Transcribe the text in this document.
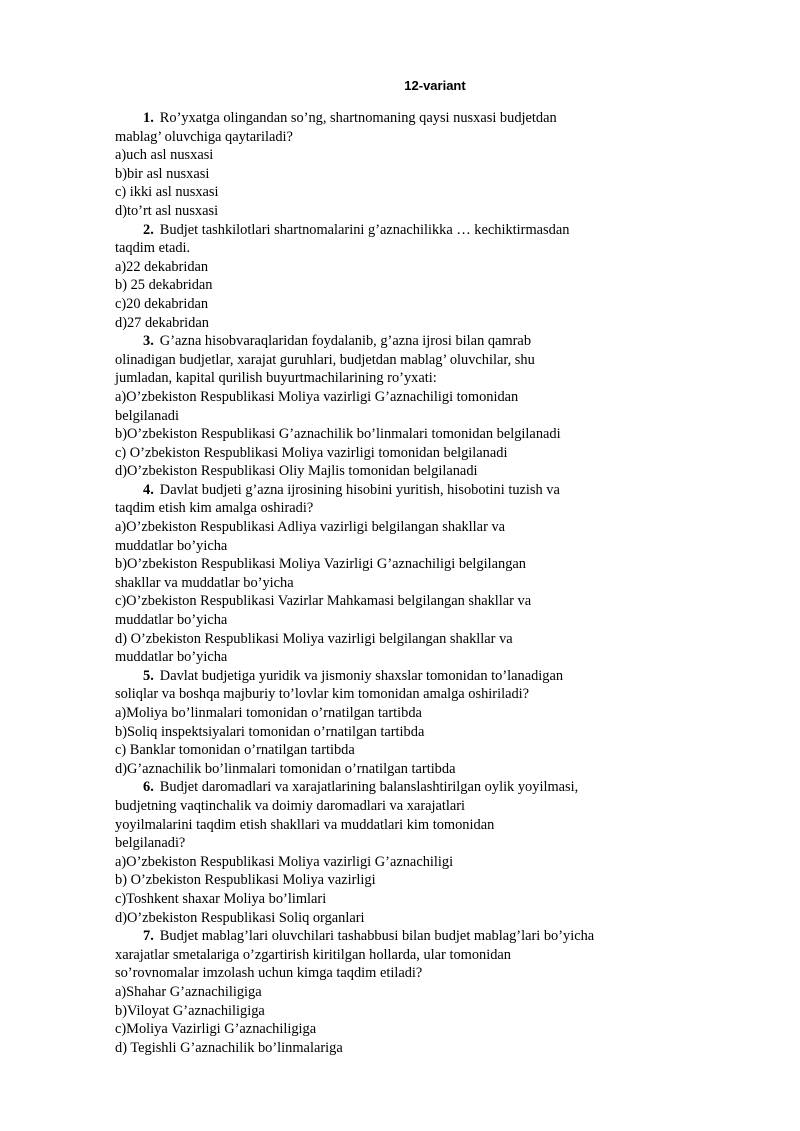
12-variant
1. Ro’yxatga olingandan so’ng, shartnomaning qaysi nusxasi budjetdan
mablag’ oluvchiga qaytariladi?
a)uch asl nusxasi
b)bir asl nusxasi
c) ikki asl nusxasi
d)to’rt asl nusxasi
2. Budjet tashkilotlari shartnomalarini g’aznachilikka … kechiktirmasdan
taqdim etadi.
a)22 dekabridan
b) 25 dekabridan
c)20 dekabridan
d)27 dekabridan
3. G’azna hisobvaraqlaridan foydalanib, g’azna ijrosi bilan qamrab
olinadigan budjetlar, xarajat guruhlari, budjetdan mablag’ oluvchilar, shu
jumladan, kapital qurilish buyurtmachilarining ro’yxati:
a)O’zbekiston Respublikasi Moliya vazirligi G’aznachiligi tomonidan
belgilanadi
b)O’zbekiston Respublikasi G’aznachilik bo’linmalari tomonidan belgilanadi
c) O’zbekiston Respublikasi Moliya vazirligi tomonidan belgilanadi
d)O’zbekiston Respublikasi Oliy Majlis tomonidan belgilanadi
4. Davlat budjeti g’azna ijrosining hisobini yuritish, hisobotini tuzish va
taqdim etish kim amalga oshiradi?
a)O’zbekiston Respublikasi Adliya vazirligi belgilangan shakllar va
muddatlar bo’yicha
b)O’zbekiston Respublikasi Moliya Vazirligi G’aznachiligi belgilangan
shakllar va muddatlar bo’yicha
c)O’zbekiston Respublikasi Vazirlar Mahkamasi belgilangan shakllar va
muddatlar bo’yicha
d) O’zbekiston Respublikasi Moliya vazirligi belgilangan shakllar va
muddatlar bo’yicha
5. Davlat budjetiga yuridik va jismoniy shaxslar tomonidan to’lanadigan
soliqlar va boshqa majburiy to’lovlar kim tomonidan amalga oshiriladi?
a)Moliya bo’linmalari tomonidan o’rnatilgan tartibda
b)Soliq inspektsiyalari tomonidan o’rnatilgan tartibda
c) Banklar tomonidan o’rnatilgan tartibda
d)G’aznachilik bo’linmalari tomonidan o’rnatilgan tartibda
6. Budjet daromadlari va xarajatlarining balanslashtirilgan oylik yoyilmasi,
budjetning vaqtinchalik va doimiy daromadlari va xarajatlari
yoyilmalarini taqdim etish shakllari va muddatlari kim tomonidan
belgilanadi?
a)O’zbekiston Respublikasi Moliya vazirligi G’aznachiligi
b) O’zbekiston Respublikasi Moliya vazirligi
c)Toshkent shaxar Moliya bo’limlari
d)O’zbekiston Respublikasi Soliq organlari
7. Budjet mablag’lari oluvchilari tashabbusi bilan budjet mablag’lari bo’yicha
xarajatlar smetalariga o’zgartirish kiritilgan hollarda, ular tomonidan
so’rovnomalar imzolash uchun kimga taqdim etiladi?
a)Shahar G’aznachiligiga
b)Viloyat G’aznachiligiga
c)Moliya Vazirligi G’aznachiligiga
d) Tegishli G’aznachilik bo’linmalariga
